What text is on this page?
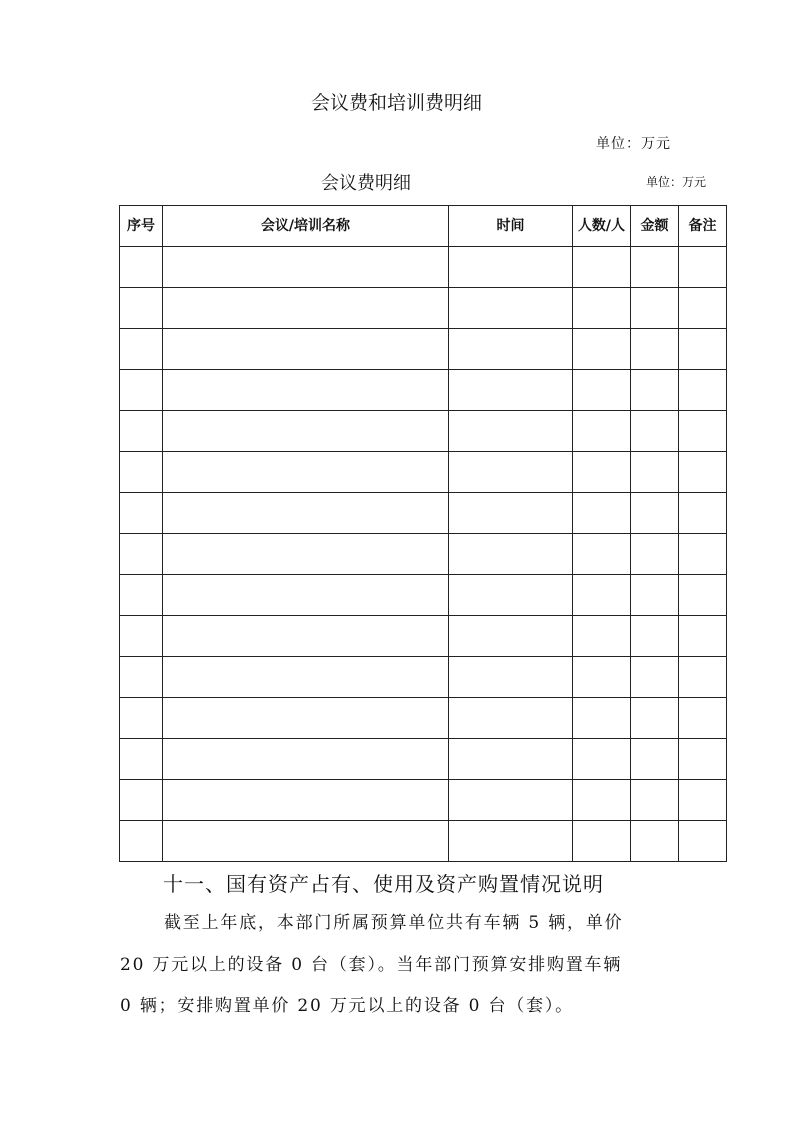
会议费和培训费明细
单位：万元
会议费明细	单位：万元
序号	会议/培训名称	时间	人数/人	金额	备注

十一、国有资产占有、使用及资产购置情况说明
截至上年底，本部门所属预算单位共有车辆 5 辆，单价
20 万元以上的设备 0 台（套）。当年部门预算安排购置车辆
0 辆；安排购置单价 20 万元以上的设备 0 台（套）。
